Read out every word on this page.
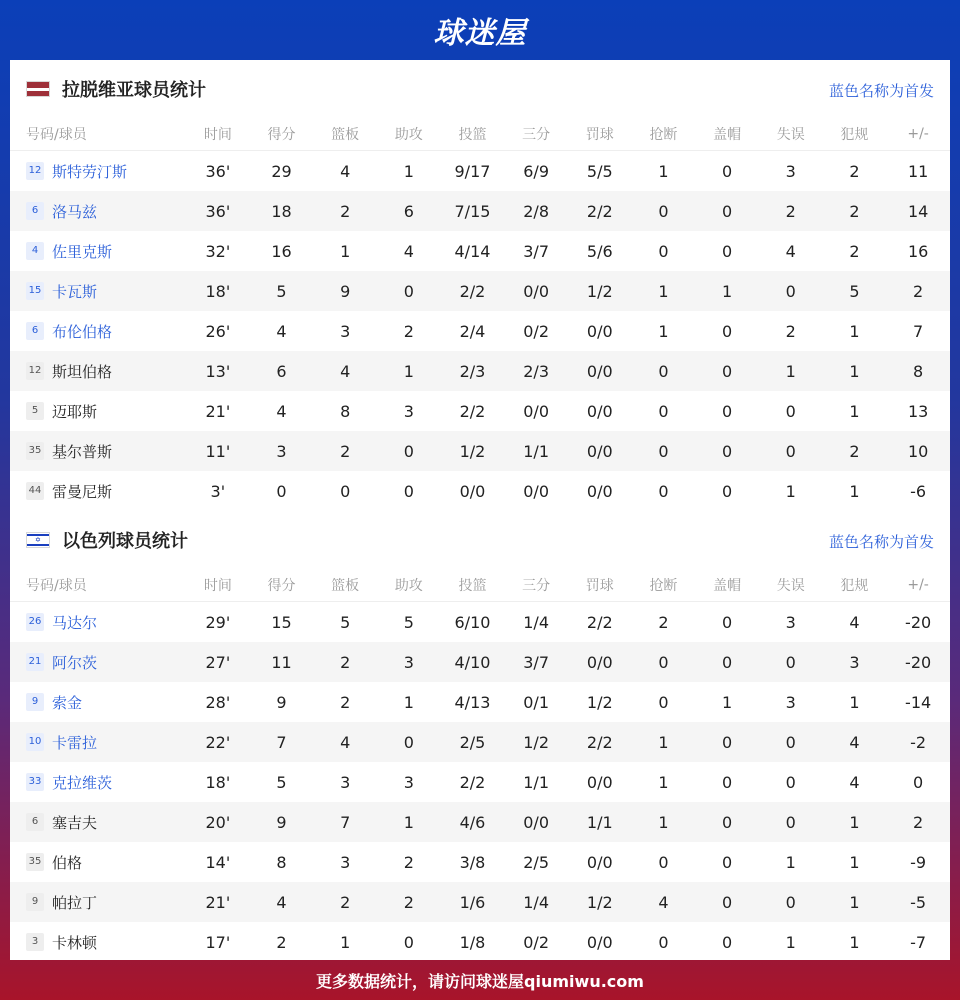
球迷屋
拉脱维亚球员统计	蓝色名称为首发
号码/球员	时间	得分	篮板	助攻	投篮	三分	罚球	抢断	盖帽	失误	犯规	+/-
12 斯特劳汀斯	36'	29	4	1	9/17	6/9	5/5	1	0	3	2	11
6 洛马兹	36'	18	2	6	7/15	2/8	2/2	0	0	2	2	14
4 佐里克斯	32'	16	1	4	4/14	3/7	5/6	0	0	4	2	16
15 卡瓦斯	18'	5	9	0	2/2	0/0	1/2	1	1	0	5	2
6 布伦伯格	26'	4	3	2	2/4	0/2	0/0	1	0	2	1	7
12 斯坦伯格	13'	6	4	1	2/3	2/3	0/0	0	0	1	1	8
5 迈耶斯	21'	4	8	3	2/2	0/0	0/0	0	0	0	1	13
35 基尔普斯	11'	3	2	0	1/2	1/1	0/0	0	0	0	2	10
44 雷曼尼斯	3'	0	0	0	0/0	0/0	0/0	0	0	1	1	-6
✡ 以色列球员统计	蓝色名称为首发
号码/球员	时间	得分	篮板	助攻	投篮	三分	罚球	抢断	盖帽	失误	犯规	+/-
26 马达尔	29'	15	5	5	6/10	1/4	2/2	2	0	3	4	-20
21 阿尔茨	27'	11	2	3	4/10	3/7	0/0	0	0	0	3	-20
9 索金	28'	9	2	1	4/13	0/1	1/2	0	1	3	1	-14
10 卡雷拉	22'	7	4	0	2/5	1/2	2/2	1	0	0	4	-2
33 克拉维茨	18'	5	3	3	2/2	1/1	0/0	1	0	0	4	0
6 塞吉夫	20'	9	7	1	4/6	0/0	1/1	1	0	0	1	2
35 伯格	14'	8	3	2	3/8	2/5	0/0	0	0	1	1	-9
9 帕拉丁	21'	4	2	2	1/6	1/4	1/2	4	0	0	1	-5
3 卡林顿	17'	2	1	0	1/8	0/2	0/0	0	0	1	1	-7
更多数据统计，请访问球迷屋qiumiwu.com
